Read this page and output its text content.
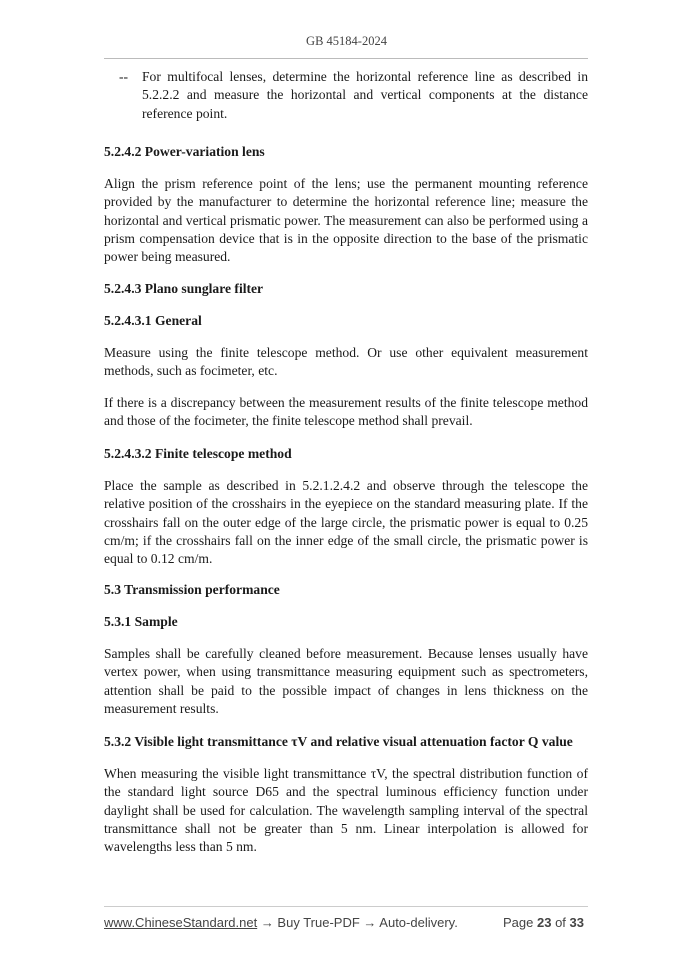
GB 45184-2024
--	For multifocal lenses, determine the horizontal reference line as described in 5.2.2.2 and measure the horizontal and vertical components at the distance reference point.
5.2.4.2 Power-variation lens
Align the prism reference point of the lens; use the permanent mounting reference provided by the manufacturer to determine the horizontal reference line; measure the horizontal and vertical prismatic power. The measurement can also be performed using a prism compensation device that is in the opposite direction to the base of the prismatic power being measured.
5.2.4.3 Plano sunglare filter
5.2.4.3.1 General
Measure using the finite telescope method. Or use other equivalent measurement methods, such as focimeter, etc.
If there is a discrepancy between the measurement results of the finite telescope method and those of the focimeter, the finite telescope method shall prevail.
5.2.4.3.2 Finite telescope method
Place the sample as described in 5.2.1.2.4.2 and observe through the telescope the relative position of the crosshairs in the eyepiece on the standard measuring plate. If the crosshairs fall on the outer edge of the large circle, the prismatic power is equal to 0.25 cm/m; if the crosshairs fall on the inner edge of the small circle, the prismatic power is equal to 0.12 cm/m.
5.3 Transmission performance
5.3.1 Sample
Samples shall be carefully cleaned before measurement. Because lenses usually have vertex power, when using transmittance measuring equipment such as spectrometers, attention shall be paid to the possible impact of changes in lens thickness on the measurement results.
5.3.2 Visible light transmittance τV and relative visual attenuation factor Q value
When measuring the visible light transmittance τV, the spectral distribution function of the standard light source D65 and the spectral luminous efficiency function under daylight shall be used for calculation. The wavelength sampling interval of the spectral transmittance shall not be greater than 5 nm. Linear interpolation is allowed for wavelengths less than 5 nm.
www.ChineseStandard.net → Buy True-PDF → Auto-delivery.	Page 23 of 33
